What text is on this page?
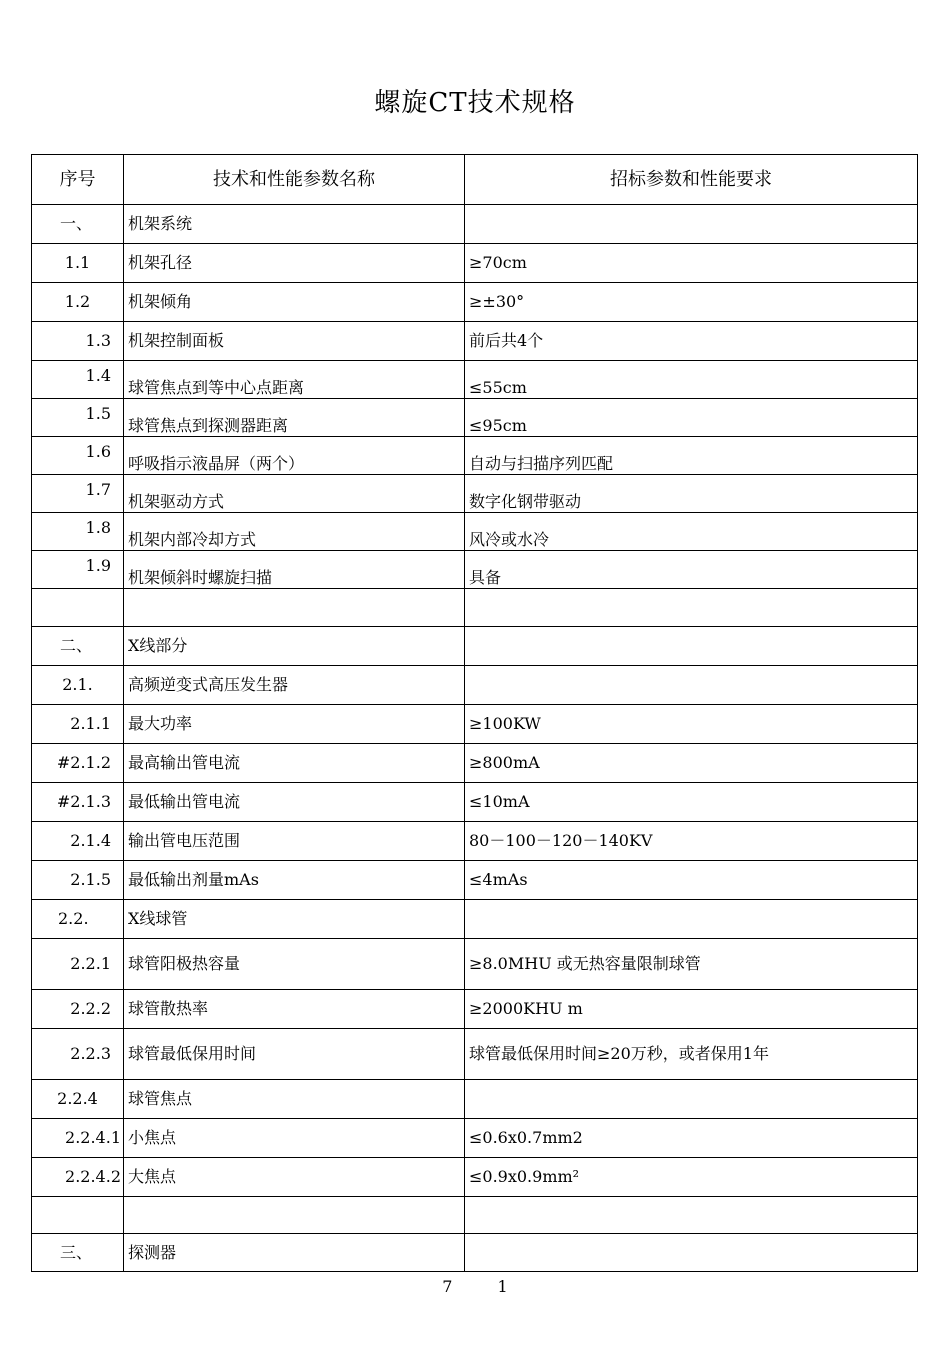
螺旋CT技术规格
序号	技术和性能参数名称	招标参数和性能要求
一、	机架系统	
1.1	机架孔径	≥70cm
1.2	机架倾角	≥±30°
1.3	机架控制面板	前后共4个
1.4	球管焦点到等中心点距离	≤55cm
1.5	球管焦点到探测器距离	≤95cm
1.6	呼吸指示液晶屏（两个）	自动与扫描序列匹配
1.7	机架驱动方式	数字化钢带驱动
1.8	机架内部冷却方式	风冷或水冷
1.9	机架倾斜时螺旋扫描	具备

二、	X线部分	
2.1.	高频逆变式高压发生器	
2.1.1	最大功率	≥100KW
#2.1.2	最高输出管电流	≥800mA
#2.1.3	最低输出管电流	≤10mA
2.1.4	输出管电压范围	80－100－120－140KV
2.1.5	最低输出剂量mAs	≤4mAs
2.2.	X线球管	
2.2.1	球管阳极热容量	≥8.0MHU 或无热容量限制球管
2.2.2	球管散热率	≥2000KHU m
2.2.3	球管最低保用时间	球管最低保用时间≥20万秒，或者保用1年
2.2.4	球管焦点	
2.2.4.1	小焦点	≤0.6x0.7mm2
2.2.4.2	大焦点	≤0.9x0.9mm²

三、	探测器	
7	1
